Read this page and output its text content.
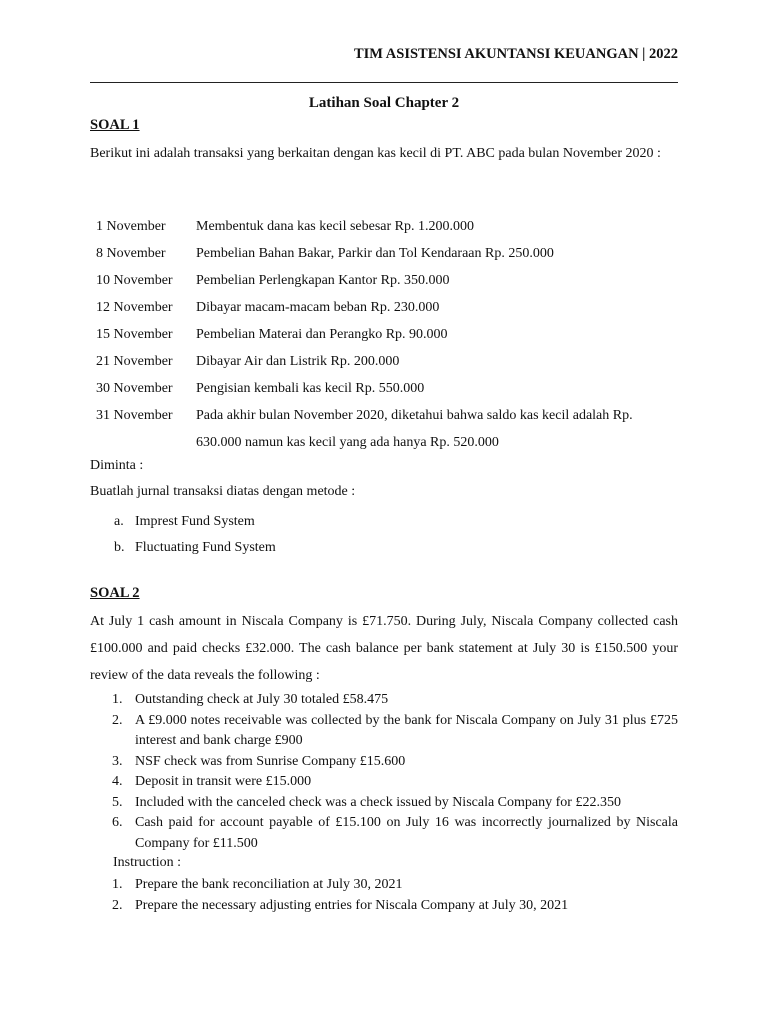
TIM ASISTENSI AKUNTANSI KEUANGAN | 2022
Latihan Soal Chapter 2
SOAL 1
Berikut ini adalah transaksi yang berkaitan dengan kas kecil di PT. ABC pada bulan November 2020 :
1 November	Membentuk dana kas kecil sebesar Rp. 1.200.000
8 November	Pembelian Bahan Bakar, Parkir dan Tol Kendaraan Rp. 250.000
10 November	Pembelian Perlengkapan Kantor Rp. 350.000
12 November	Dibayar macam-macam beban Rp. 230.000
15 November	Pembelian Materai dan Perangko Rp. 90.000
21 November	Dibayar Air dan Listrik Rp. 200.000
30 November	Pengisian kembali kas kecil Rp. 550.000
31 November	Pada akhir bulan November 2020, diketahui bahwa saldo kas kecil adalah Rp. 630.000 namun kas kecil yang ada hanya Rp. 520.000
Diminta :
Buatlah jurnal transaksi diatas dengan metode :
a. Imprest Fund System
b. Fluctuating Fund System
SOAL 2
At July 1 cash amount in Niscala Company is £71.750. During July, Niscala Company collected cash £100.000 and paid checks £32.000. The cash balance per bank statement at July 30 is £150.500 your review of the data reveals the following :
1. Outstanding check at July 30 totaled £58.475
2. A £9.000 notes receivable was collected by the bank for Niscala Company on July 31 plus £725 interest and bank charge £900
3. NSF check was from Sunrise Company £15.600
4. Deposit in transit were £15.000
5. Included with the canceled check was a check issued by Niscala Company for £22.350
6. Cash paid for account payable of £15.100 on July 16 was incorrectly journalized by Niscala Company for £11.500
Instruction :
1. Prepare the bank reconciliation at July 30, 2021
2. Prepare the necessary adjusting entries for Niscala Company at July 30, 2021
